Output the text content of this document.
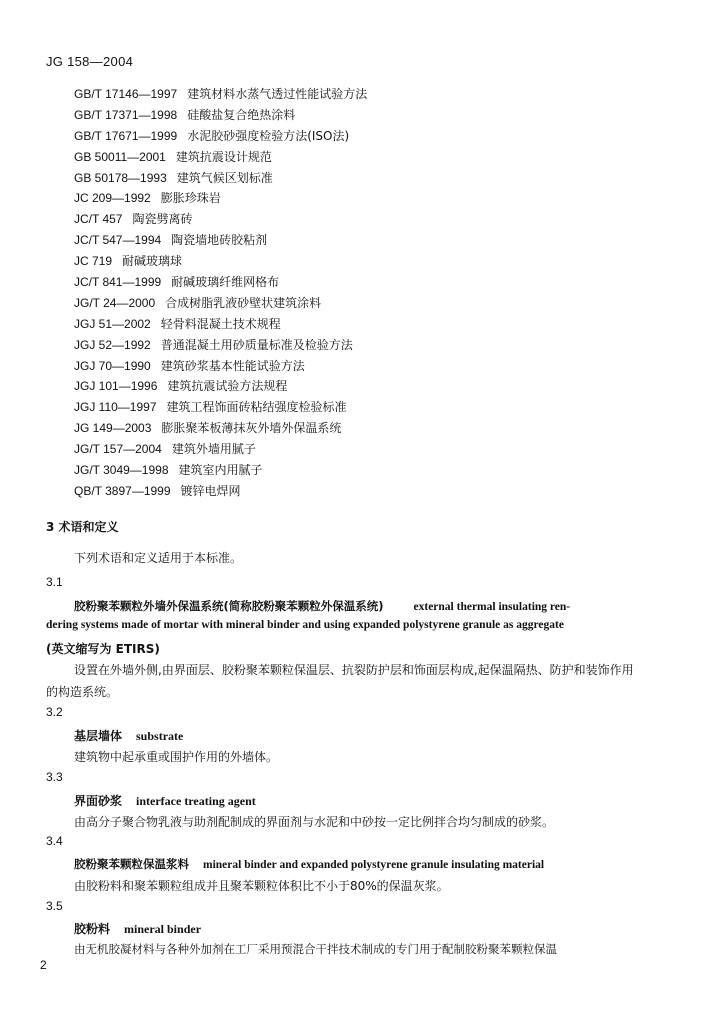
JG 158—2004
GB/T 17146—1997 建筑材料水蒸气透过性能试验方法
GB/T 17371—1998 硅酸盐复合绝热涂料
GB/T 17671—1999 水泥胶砂强度检验方法(ISO法)
GB 50011—2001 建筑抗震设计规范
GB 50178—1993 建筑气候区划标准
JC 209—1992 膨胀珍珠岩
JC/T 457 陶瓷劈离砖
JC/T 547—1994 陶瓷墙地砖胶粘剂
JC 719 耐碱玻璃球
JC/T 841—1999 耐碱玻璃纤维网格布
JG/T 24—2000 合成树脂乳液砂壁状建筑涂料
JGJ 51—2002 轻骨料混凝土技术规程
JGJ 52—1992 普通混凝土用砂质量标准及检验方法
JGJ 70—1990 建筑砂浆基本性能试验方法
JGJ 101—1996 建筑抗震试验方法规程
JGJ 110—1997 建筑工程饰面砖粘结强度检验标准
JG 149—2003 膨胀聚苯板薄抹灰外墙外保温系统
JG/T 157—2004 建筑外墙用腻子
JG/T 3049—1998 建筑室内用腻子
QB/T 3897—1999 镀锌电焊网
3 术语和定义
下列术语和定义适用于本标准。
3.1
胶粉聚苯颗粒外墙外保温系统(简称胶粉聚苯颗粒外保温系统)	external thermal insulating ren-
dering systems made of mortar with mineral binder and using expanded polystyrene granule as aggregate
(英文缩写为 ETIRS)
设置在外墙外侧,由界面层、胶粉聚苯颗粒保温层、抗裂防护层和饰面层构成,起保温隔热、防护和装饰作用的构造系统。
3.2
基层墙体 substrate
建筑物中起承重或围护作用的外墙体。
3.3
界面砂浆 interface treating agent
由高分子聚合物乳液与助剂配制成的界面剂与水泥和中砂按一定比例拌合均匀制成的砂浆。
3.4
胶粉聚苯颗粒保温浆料 mineral binder and expanded polystyrene granule insulating material
由胶粉料和聚苯颗粒组成并且聚苯颗粒体积比不小于80%的保温灰浆。
3.5
胶粉料 mineral binder
由无机胶凝材料与各种外加剂在工厂采用预混合干拌技术制成的专门用于配制胶粉聚苯颗粒保温
2
